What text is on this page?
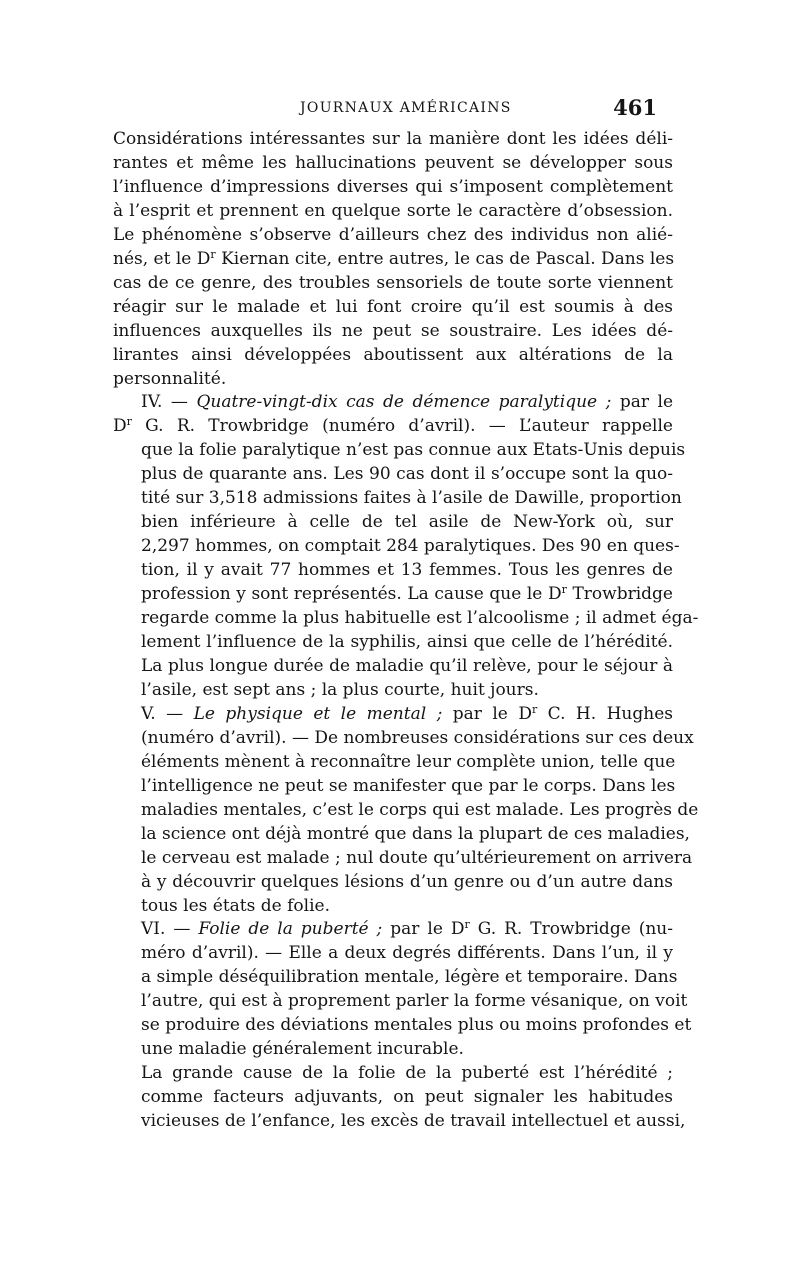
JOURNAUX AMÉRICAINS	461

Considérations intéressantes sur la manière dont les idées déli-
rantes et même les hallucinations peuvent se développer sous
l’influence d’impressions diverses qui s’imposent complètement
à l’esprit et prennent en quelque sorte le caractère d’obsession.
Le phénomène s’observe d’ailleurs chez des individus non alié-
nés, et le $D^r$ Kiernan cite, entre autres, le cas de Pascal. Dans les
cas de ce genre, des troubles sensoriels de toute sorte viennent
réagir sur le malade et lui font croire qu’il est soumis à des
influences auxquelles ils ne peut se soustraire. Les idées dé-
lirantes ainsi développées aboutissent aux altérations de la
personnalité.

IV. — Quatre-vingt-dix cas de démence paralytique ; par le
$D^r$ G. R. Trowbridge (numéro d’avril). — L’auteur rappelle
que la folie paralytique n’est pas connue aux Etats-Unis depuis
plus de quarante ans. Les 90 cas dont il s’occupe sont la quo-
tité sur 3,518 admissions faites à l’asile de Dawille, proportion
bien inférieure à celle de tel asile de New-York où, sur
2,297 hommes, on comptait 284 paralytiques. Des 90 en ques-
tion, il y avait 77 hommes et 13 femmes. Tous les genres de
profession y sont représentés. La cause que le $D^r$ Trowbridge
regarde comme la plus habituelle est l’alcoolisme ; il admet éga-
lement l’influence de la syphilis, ainsi que celle de l’hérédité.
La plus longue durée de maladie qu’il relève, pour le séjour à
l’asile, est sept ans ; la plus courte, huit jours.

V. — Le physique et le mental ; par le $D^r$ C. H. Hughes
(numéro d’avril). — De nombreuses considérations sur ces deux
éléments mènent à reconnaître leur complète union, telle que
l’intelligence ne peut se manifester que par le corps. Dans les
maladies mentales, c’est le corps qui est malade. Les progrès de
la science ont déjà montré que dans la plupart de ces maladies,
le cerveau est malade ; nul doute qu’ultérieurement on arrivera
à y découvrir quelques lésions d’un genre ou d’un autre dans
tous les états de folie.

VI. — Folie de la puberté ; par le $D^r$ G. R. Trowbridge (nu-
méro d’avril). — Elle a deux degrés différents. Dans l’un, il y
a simple déséquilibration mentale, légère et temporaire. Dans
l’autre, qui est à proprement parler la forme vésanique, on voit
se produire des déviations mentales plus ou moins profondes et
une maladie généralement incurable.

La grande cause de la folie de la puberté est l’hérédité ;
comme facteurs adjuvants, on peut signaler les habitudes
vicieuses de l’enfance, les excès de travail intellectuel et aussi,
